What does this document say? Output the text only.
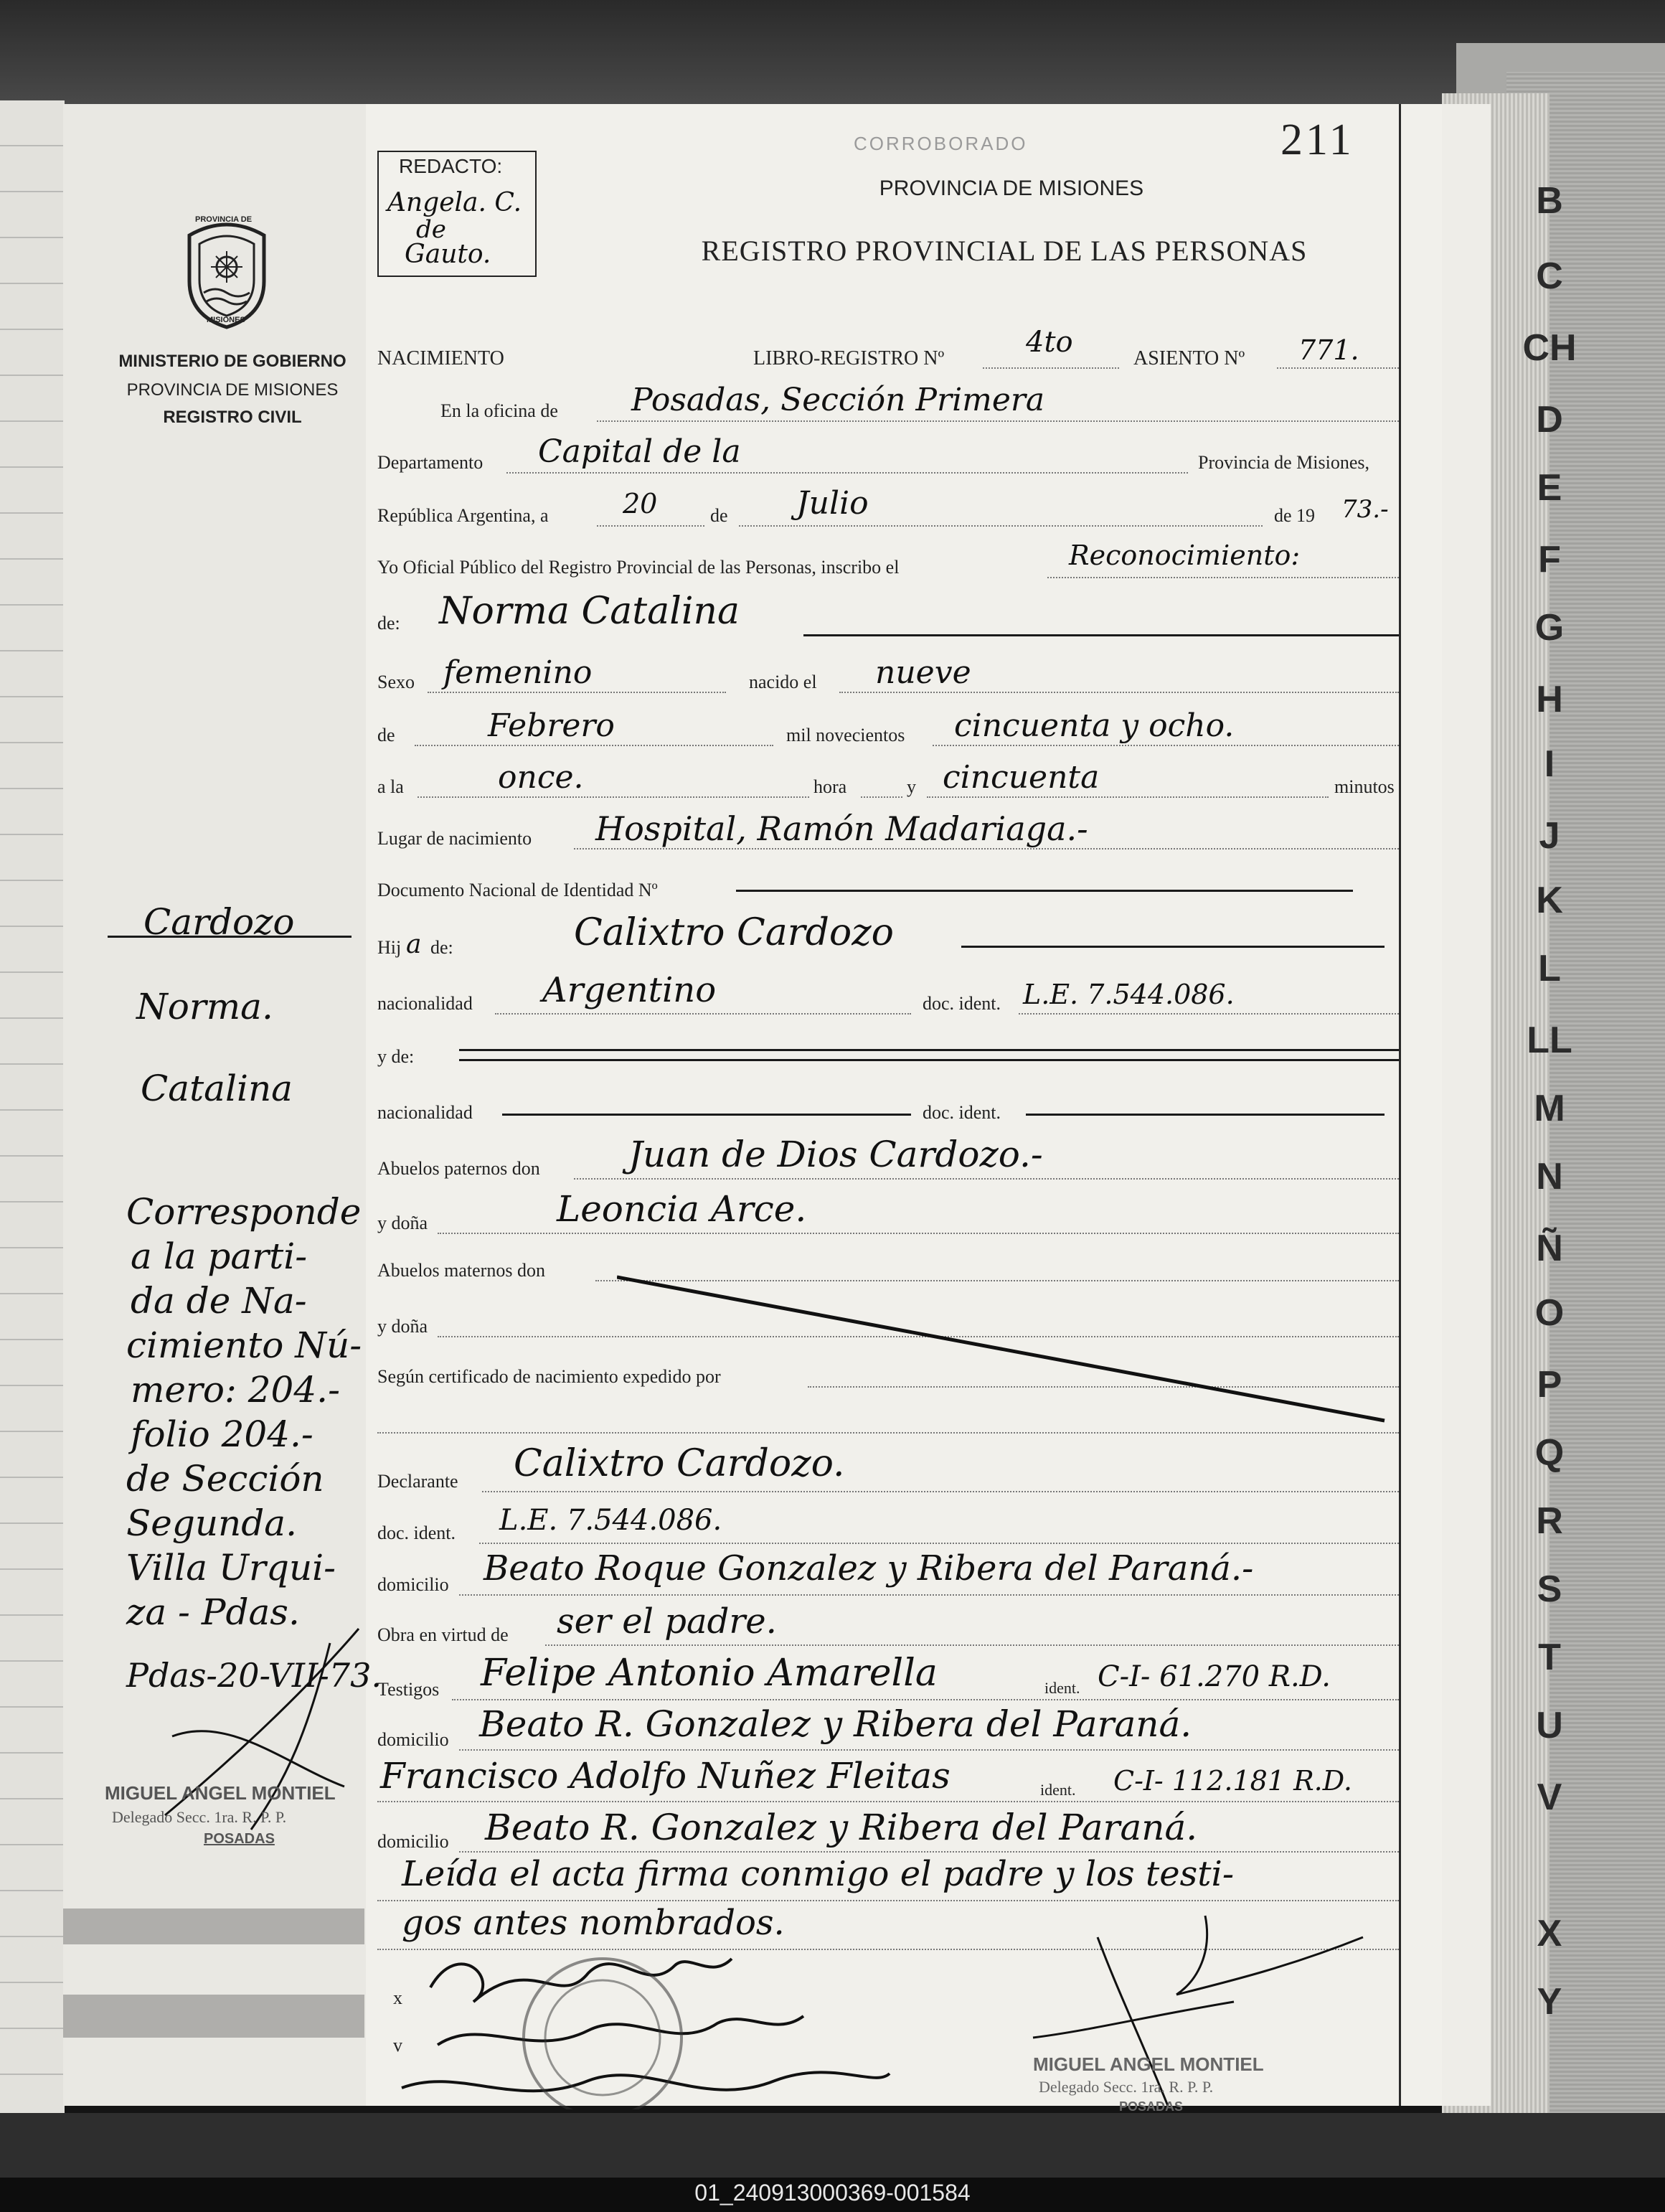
B
C
CH
D
E
F
G
H
I
J
K
L
LL
M
N
Ñ
O
P
Q
R
S
T
U
V
X
Y
211
CORROBORADO
REDACTO:
Angela. C.
de
Gauto.
PROVINCIA DE
MISIONES
MINISTERIO DE GOBIERNO
PROVINCIA DE MISIONES
REGISTRO CIVIL
PROVINCIA DE MISIONES
REGISTRO PROVINCIAL DE LAS PERSONAS
NACIMIENTO	LIBRO-REGISTRO Nº	4to	ASIENTO Nº 771.
En la oficina de Posadas, Sección Primera
Departamento Capital de la	Provincia de Misiones,
República Argentina, a	20	de Julio	de 19 73.-
Yo Oficial Público del Registro Provincial de las Personas, inscribo el	Reconocimiento:
de: Norma Catalina
Sexo femenino	nacido el nueve
de	Febrero	mil novecientos cincuenta y ocho.
a la	once.	hora	y cincuenta	minutos
Lugar de nacimiento Hospital, Ramón Madariaga.-
Documento Nacional de Identidad Nº
Hij a de:	Calixtro Cardozo
nacionalidad Argentino	doc. ident. L.E. 7.544.086.
y de:
nacionalidad	doc. ident.
Abuelos paternos don Juan de Dios Cardozo.-
y doña	Leoncia Arce.
Abuelos maternos don
y doña
Según certificado de nacimiento expedido por
Declarante Calixtro Cardozo.
doc. ident. L.E. 7.544.086.
domicilio Beato Roque Gonzalez y Ribera del Paraná.-
Obra en virtud de ser el padre.
Testigos Felipe Antonio Amarella	ident. C-I- 61.270 R.D.
domicilio Beato R. Gonzalez y Ribera del Paraná.
Francisco Adolfo Nuñez Fleitas	ident. C-I- 112.181 R.D.
domicilio Beato R. Gonzalez y Ribera del Paraná.
Leída el acta firma conmigo el padre y los testi-
gos antes nombrados.
x
v
MIGUEL ANGEL MONTIEL
Delegado Secc. 1ra. R. P. P.
POSADAS
Cardozo
Norma.
Catalina
Corresponde
a la parti-
da de Na-
cimiento Nú-
mero: 204.-
folio 204.-
de Sección
Segunda.
Villa Urqui-
za - Pdas.
Pdas-20-VII-73.
MIGUEL ANGEL MONTIEL
Delegado Secc. 1ra. R. P. P.
POSADAS
01_240913000369-001584
